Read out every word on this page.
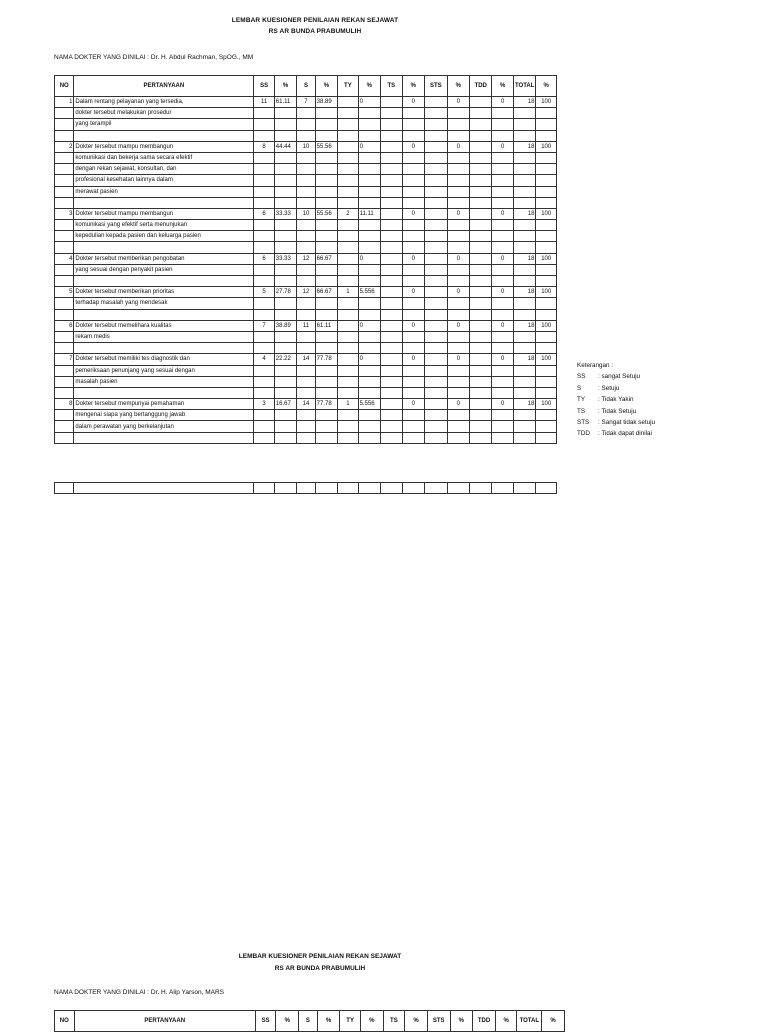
LEMBAR KUESIONER PENILAIAN REKAN SEJAWAT
RS AR BUNDA PRABUMULIH
NAMA DOKTER YANG DINILAI : Dr. H. Abdul Rachman, SpOG., MM
NO	PERTANYAAN	SS	%	S	%	TY	%	TS	%	STS	%	TDD	%	TOTAL	%
1	Dalam rentang pelayanan yang tersedia,	11	61.11	7	38.89		0		0		0		0	18	100
	dokter tersebut melakukan prosedur														
	yang terampil														

2	Dokter tersebut mampu membangun	8	44.44	10	55.56		0		0		0		0	18	100
	komunikasi dan bekerja sama secara efektif														
	dengan rekan sejawat, konsultan, dan														
	profesional kesehatan lainnya dalam														
	merawat pasien														

3	Dokter tersebut mampu membangun	6	33.33	10	55.56	2	11.11		0		0		0	18	100
	komunikasi yang efektif serta menunjukan														
	kepedulian kepada pasien dan keluarga pasien														

4	Dokter tersebut memberikan pengobatan	6	33.33	12	66.67		0		0		0		0	18	100
	yang sesuai dengan penyakit pasien														

5	Dokter tersebut memberikan prioritas	5	27.78	12	66.67	1	5.556		0		0		0	18	100
	terhadap masalah yang mendesak														

6	Dokter tersebut memelihara kualitas	7	38.89	11	61.11		0		0		0		0	18	100
	rekam medis														

7	Dokter tersebut memiliki tes diagnostik dan	4	22.22	14	77.78		0		0		0		0	18	100
	pemeriksaan penunjang yang sesuai dengan														
	masalah pasien														

8	Dokter tersebut mempunyai pemahaman	3	16.67	14	77.78	1	5.556		0		0		0	18	100
	mengenai siapa yang bertanggung jawab														
	dalam perawatan yang berkelanjutan														

Keterangan :
SS : sangat Setuju
S	: Setuju
TY : Tidak Yakin
TS : Tidak Setuju
STS : Sangat tidak setuju
TDD : Tidak dapat dinilai

LEMBAR KUESIONER PENILAIAN REKAN SEJAWAT
RS AR BUNDA PRABUMULIH
NAMA DOKTER YANG DINILAI : Dr. H. Alip Yarson, MARS
NO	PERTANYAAN	SS	%	S	%	TY	%	TS	%	STS	%	TDD	%	TOTAL	%
